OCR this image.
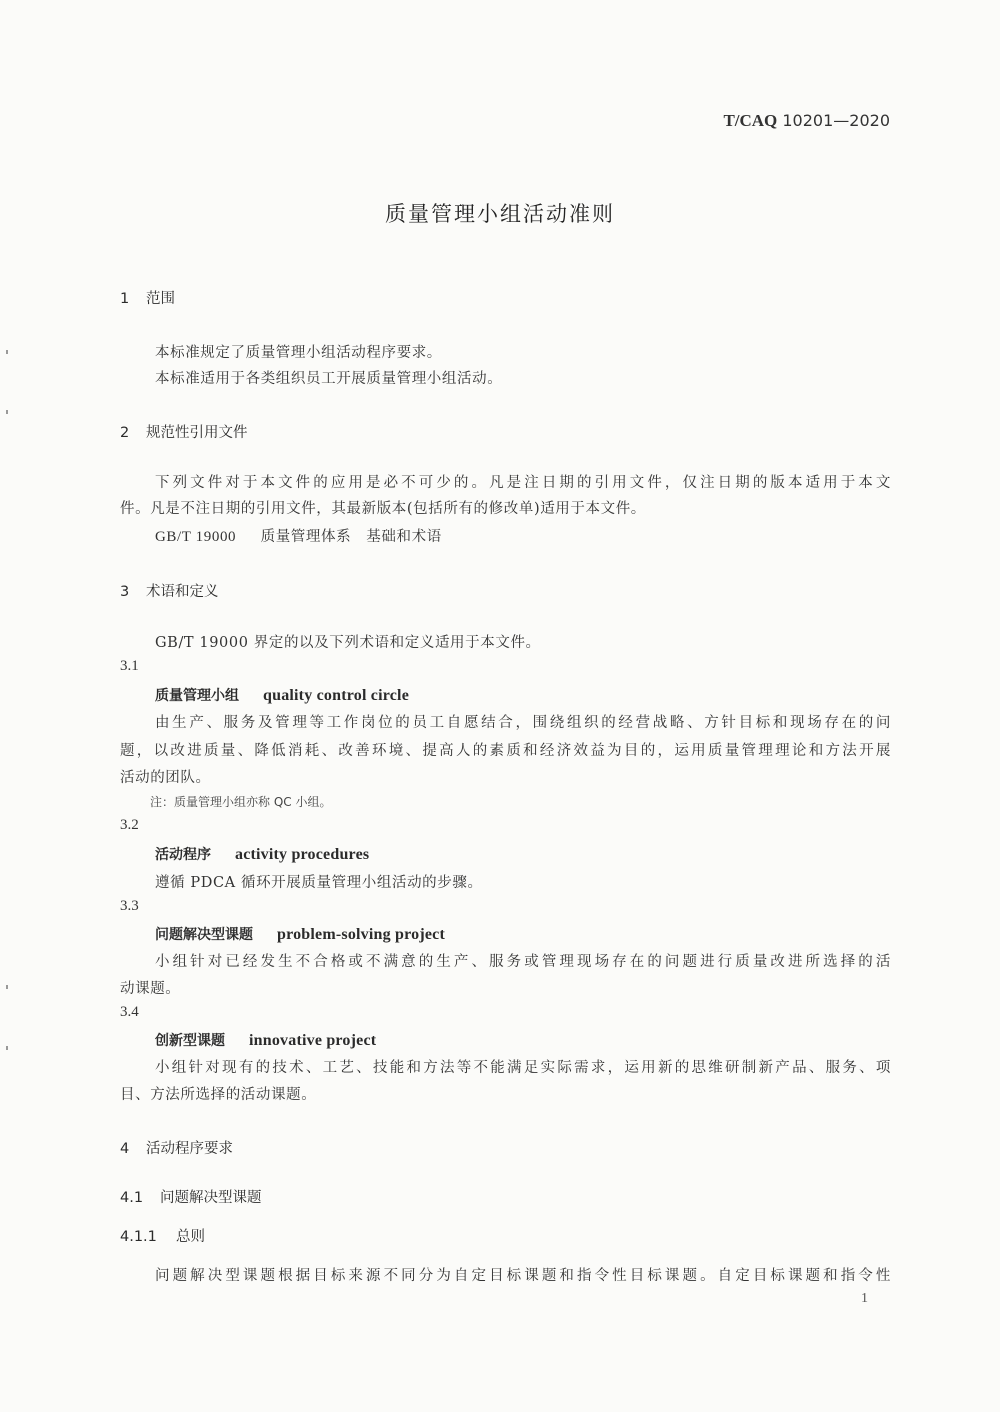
T/CAQ 10201—2020
质量管理小组活动准则
1 范围
本标准规定了质量管理小组活动程序要求。
本标准适用于各类组织员工开展质量管理小组活动。
2 规范性引用文件
下列文件对于本文件的应用是必不可少的。凡是注日期的引用文件，仅注日期的版本适用于本文
件。凡是不注日期的引用文件，其最新版本(包括所有的修改单)适用于本文件。
GB/T 19000 质量管理体系　基础和术语
3 术语和定义
GB/T 19000 界定的以及下列术语和定义适用于本文件。
3.1
质量管理小组 quality control circle
由生产、服务及管理等工作岗位的员工自愿结合，围绕组织的经营战略、方针目标和现场存在的问
题，以改进质量、降低消耗、改善环境、提高人的素质和经济效益为目的，运用质量管理理论和方法开展
活动的团队。
注：质量管理小组亦称 QC 小组。
3.2
活动程序 activity procedures
遵循 PDCA 循环开展质量管理小组活动的步骤。
3.3
问题解决型课题 problem-solving project
小组针对已经发生不合格或不满意的生产、服务或管理现场存在的问题进行质量改进所选择的活
动课题。
3.4
创新型课题 innovative project
小组针对现有的技术、工艺、技能和方法等不能满足实际需求，运用新的思维研制新产品、服务、项
目、方法所选择的活动课题。
4 活动程序要求
4.1 问题解决型课题
4.1.1 总则
问题解决型课题根据目标来源不同分为自定目标课题和指令性目标课题。自定目标课题和指令性
1
